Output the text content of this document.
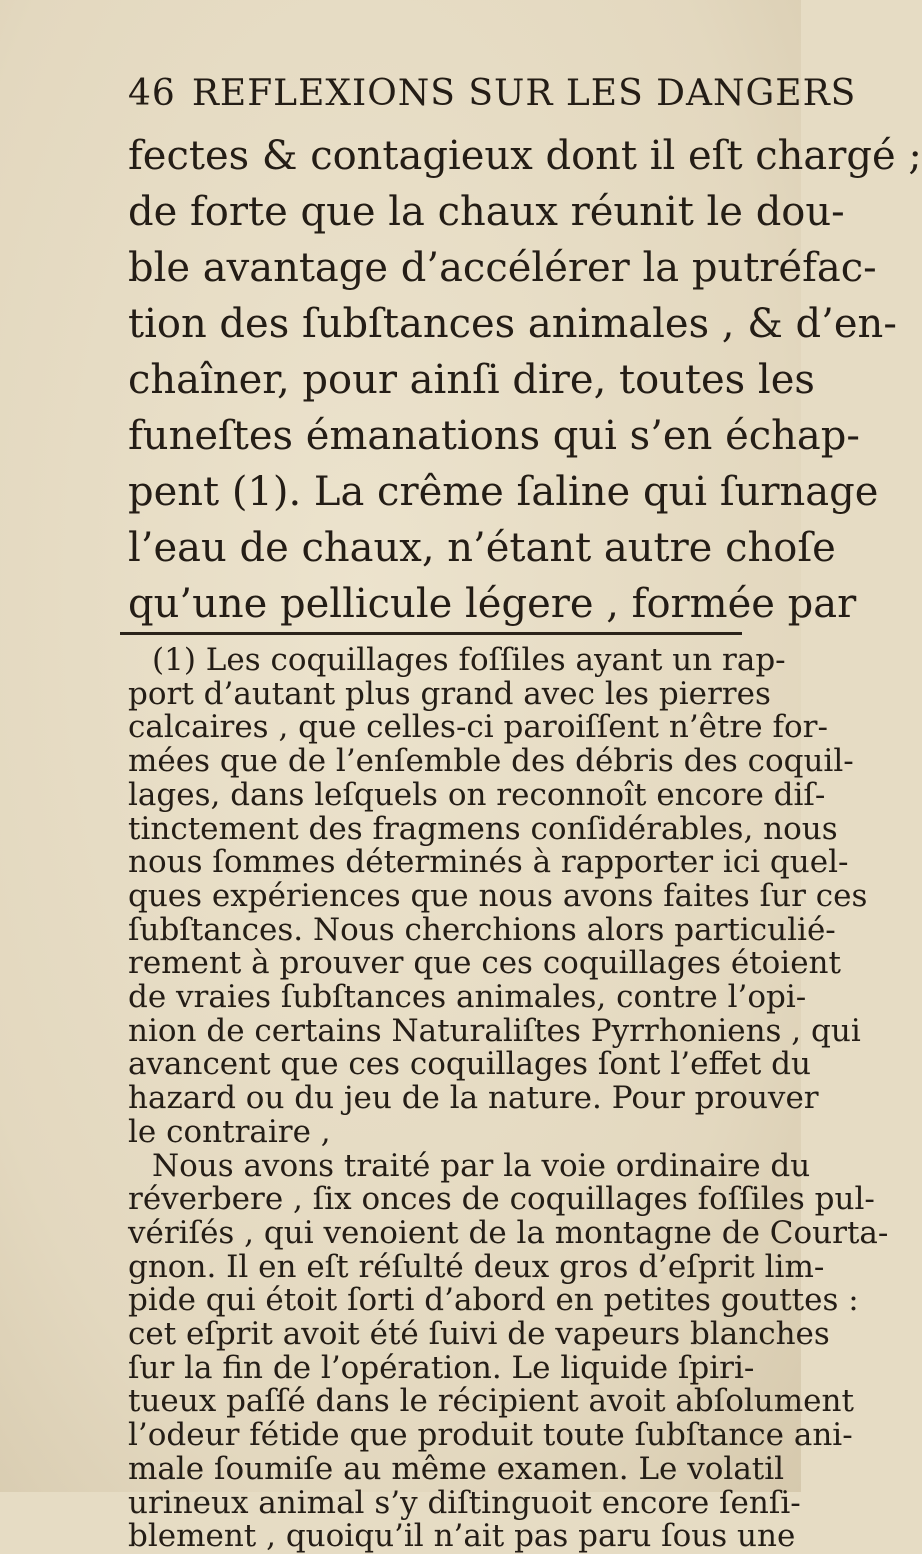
46 REFLEXIONS SUR LES DANGERS
fectes & contagieux dont il eſt chargé ;
de forte que la chaux réunit le dou-
ble avantage d’accélérer la putréfac-
tion des ſubſtances animales , & d’en-
chaîner, pour ainſi dire, toutes les
funeſtes émanations qui s’en échap-
pent (1). La crême ſaline qui ſurnage
l’eau de chaux, n’étant autre choſe
qu’une pellicule légere , formée par
(1) Les coquillages foſſiles ayant un rap-
port d’autant plus grand avec les pierres
calcaires , que celles-ci paroiſſent n’être for-
mées que de l’enſemble des débris des coquil-
lages, dans leſquels on reconnoît encore diſ-
tinctement des fragmens conſidérables, nous
nous ſommes déterminés à rapporter ici quel-
ques expériences que nous avons faites ſur ces
ſubſtances. Nous cherchions alors particulié-
rement à prouver que ces coquillages étoient
de vraies ſubſtances animales, contre l’opi-
nion de certains Naturaliſtes Pyrrhoniens , qui
avancent que ces coquillages ſont l’effet du
hazard ou du jeu de la nature. Pour prouver
le contraire ,
Nous avons traité par la voie ordinaire du
réverbere , ſix onces de coquillages foſſiles pul-
vériſés , qui venoient de la montagne de Courta-
gnon. Il en eſt réſulté deux gros d’eſprit lim-
pide qui étoit ſorti d’abord en petites gouttes :
cet eſprit avoit été ſuivi de vapeurs blanches
ſur la fin de l’opération. Le liquide ſpiri-
tueux paſſé dans le récipient avoit abſolument
l’odeur fétide que produit toute ſubſtance ani-
male ſoumiſe au même examen. Le volatil
urineux animal s’y diſtinguoit encore ſenſi-
blement , quoiqu’il n’ait pas paru ſous une
